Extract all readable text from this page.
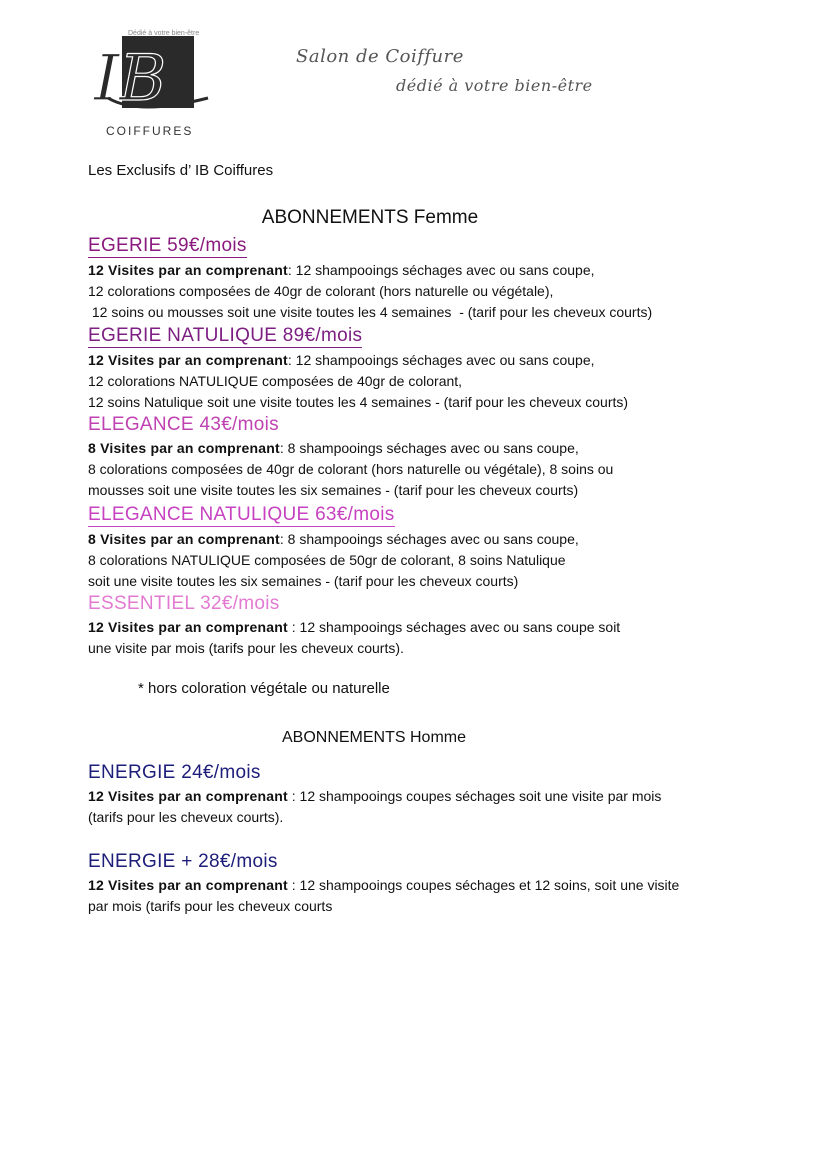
IB
COIFFURES
Dédié à votre bien-être
Salon de Coiffure
dédié à votre bien-être
Les Exclusifs d’ IB Coiffures
ABONNEMENTS Femme
EGERIE 59€/mois

12 Visites par an comprenant: 12 shampooings séchages avec ou sans coupe,
12 colorations composées de 40gr de colorant (hors naturelle ou végétale),
12 soins ou mousses soit une visite toutes les 4 semaines  - (tarif pour les cheveux courts)

EGERIE NATULIQUE 89€/mois

12 Visites par an comprenant: 12 shampooings séchages avec ou sans coupe,
12 colorations NATULIQUE composées de 40gr de colorant,
12 soins Natulique soit une visite toutes les 4 semaines - (tarif pour les cheveux courts)

ELEGANCE 43€/mois

8 Visites par an comprenant: 8 shampooings séchages avec ou sans coupe,
8 colorations composées de 40gr de colorant (hors naturelle ou végétale), 8 soins ou
mousses soit une visite toutes les six semaines - (tarif pour les cheveux courts)

ELEGANCE NATULIQUE 63€/mois

8 Visites par an comprenant: 8 shampooings séchages avec ou sans coupe,
8 colorations NATULIQUE composées de 50gr de colorant, 8 soins Natulique
soit une visite toutes les six semaines - (tarif pour les cheveux courts)

ESSENTIEL 32€/mois

12 Visites par an comprenant : 12 shampooings séchages avec ou sans coupe soit
une visite par mois (tarifs pour les cheveux courts).

* hors coloration végétale ou naturelle
ABONNEMENTS Homme
ENERGIE 24€/mois

12 Visites par an comprenant : 12 shampooings coupes séchages soit une visite par mois
(tarifs pour les cheveux courts).

ENERGIE + 28€/mois

12 Visites par an comprenant : 12 shampooings coupes séchages et 12 soins, soit une visite
par mois (tarifs pour les cheveux courts
